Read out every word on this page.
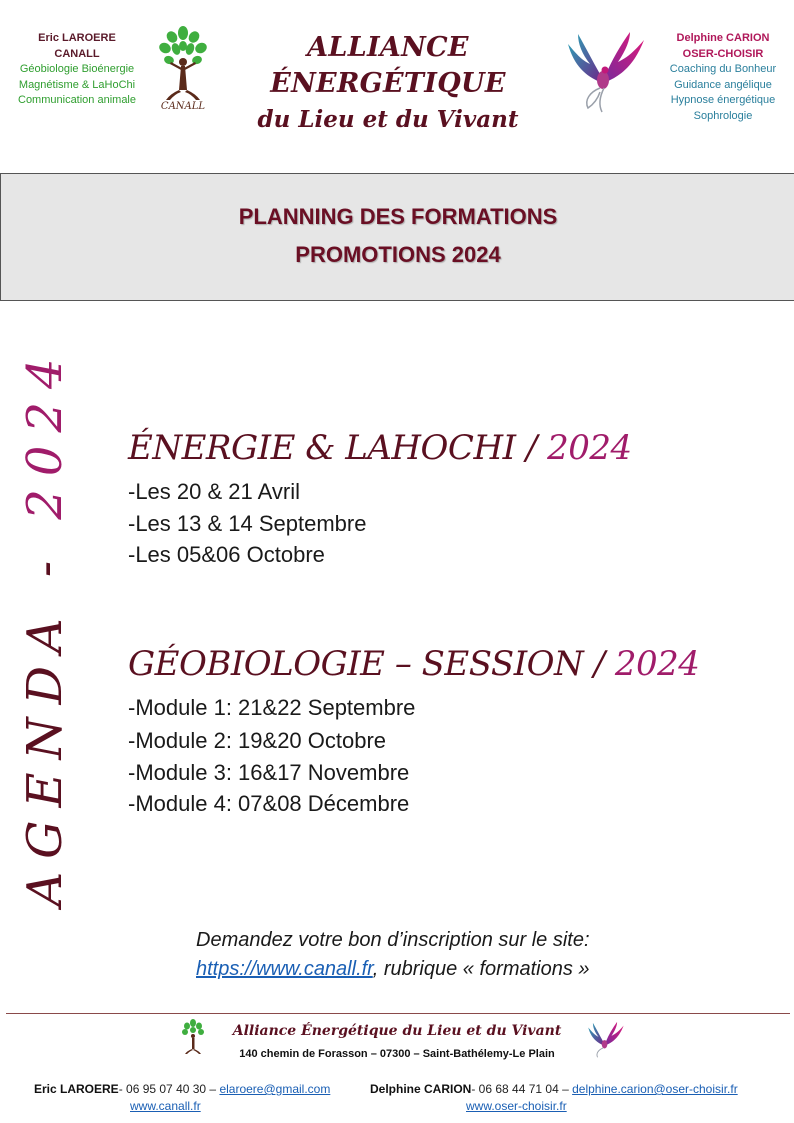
Eric LAROERE
CANALL
Géobiologie Bioénergie
Magnétisme & LaHoChi
Communication animale
CANALL
ALLIANCE ÉNERGÉTIQUE
du Lieu et du Vivant
Delphine CARION
OSER-CHOISIR
Coaching du Bonheur
Guidance angélique
Hypnose énergétique
Sophrologie
PLANNING DES FORMATIONS
PROMOTIONS 2024
AGENDA - 2024 ÉNERGIE & LAHOCHI / 2024
-Les 20 & 21 Avril
-Les 13 & 14 Septembre
-Les 05&06 Octobre
GÉOBIOLOGIE – SESSION / 2024
-Module 1: 21&22 Septembre
-Module 2: 19&20 Octobre
-Module 3: 16&17 Novembre
-Module 4: 07&08 Décembre
Demandez votre bon d’inscription sur le site:
https://www.canall.fr, rubrique « formations »
Alliance Énergétique du Lieu et du Vivant
140 chemin de Forasson – 07300 – Saint-Bathélemy-Le Plain
Eric LAROERE- 06 95 07 40 30 – elaroere@gmail.com
www.canall.fr
Delphine CARION- 06 68 44 71 04 – delphine.carion@oser-choisir.fr
www.oser-choisir.fr
